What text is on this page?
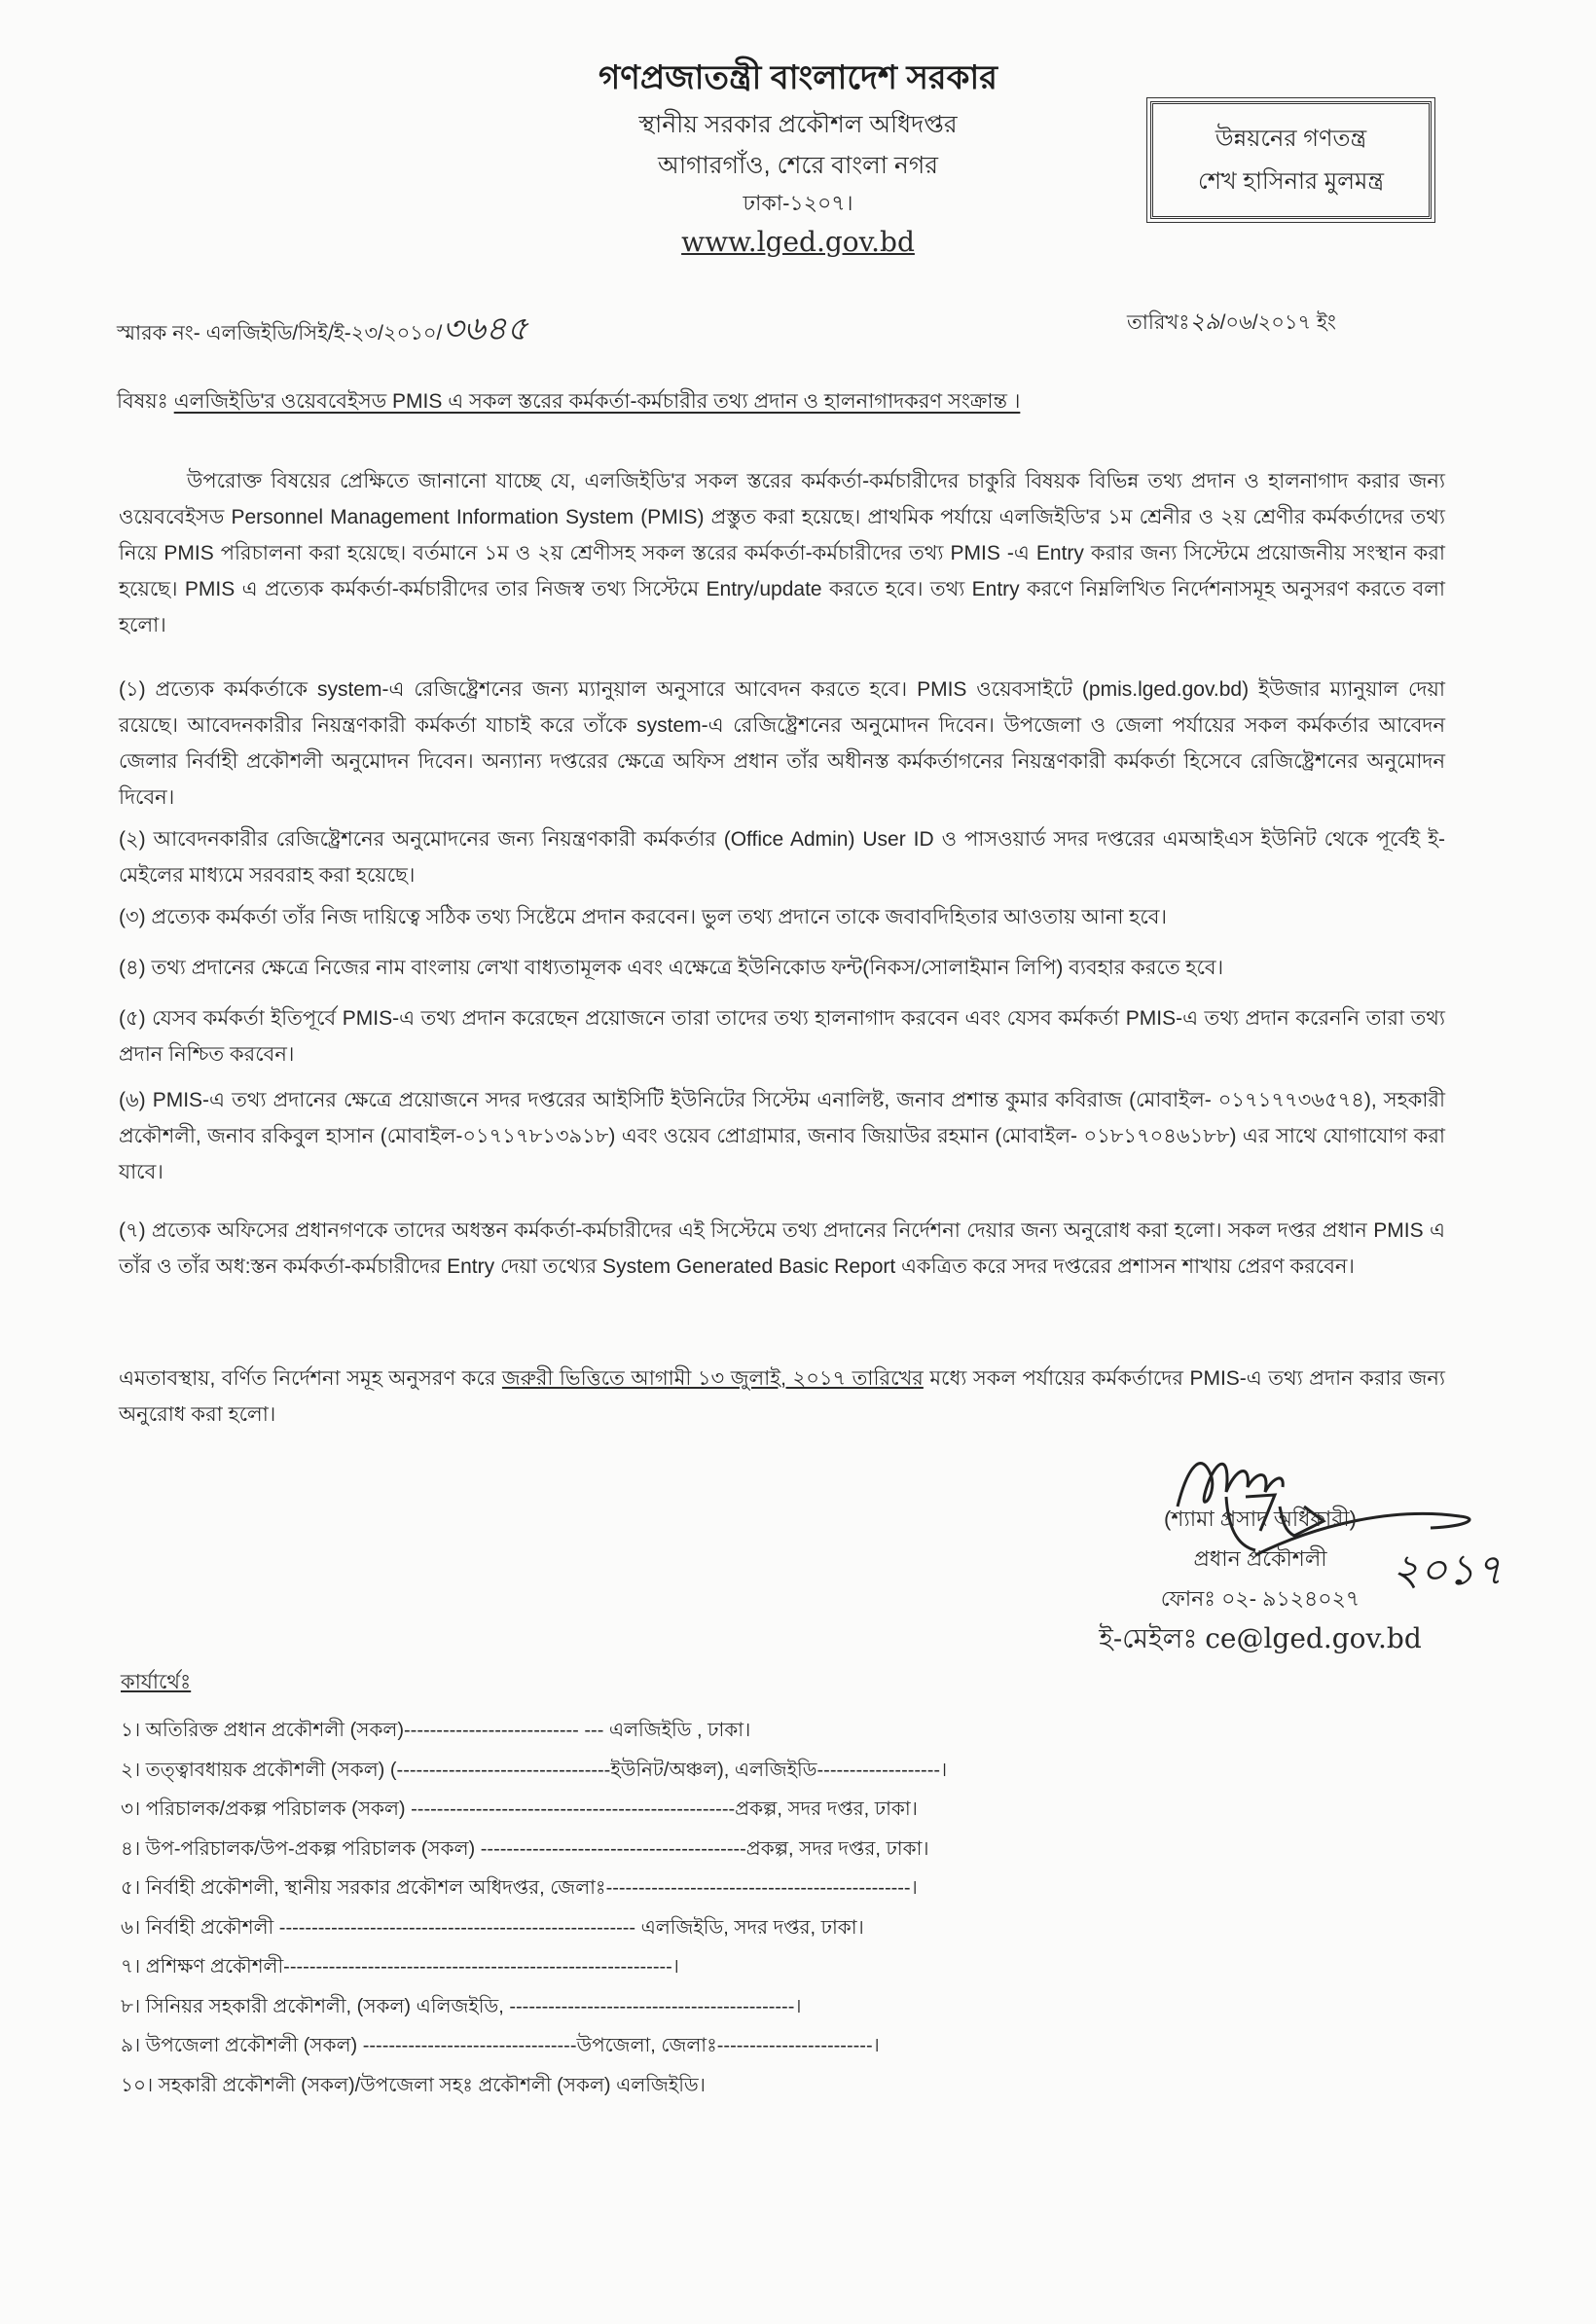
গণপ্রজাতন্ত্রী বাংলাদেশ সরকার
স্থানীয় সরকার প্রকৌশল অধিদপ্তর
আগারগাঁও, শেরে বাংলা নগর
ঢাকা-১২০৭।
www.lged.gov.bd
উন্নয়নের গণতন্ত্র
শেখ হাসিনার মুলমন্ত্র
স্মারক নং- এলজিইডি/সিই/ই-২৩/২০১০/৩৬৪৫	তারিখঃ২৯/০৬/২০১৭ ইং
বিষয়ঃ এলজিইডি'র ওয়েববেইসড PMIS এ সকল স্তরের কর্মকর্তা-কর্মচারীর তথ্য প্রদান ও হালনাগাদকরণ সংক্রান্ত ।
উপরোক্ত বিষয়ের প্রেক্ষিতে জানানো যাচ্ছে যে, এলজিইডি'র সকল স্তরের কর্মকর্তা-কর্মচারীদের চাকুরি বিষয়ক বিভিন্ন তথ্য প্রদান ও হালনাগাদ করার জন্য ওয়েববেইসড Personnel Management Information System (PMIS) প্রস্তুত করা হয়েছে। প্রাথমিক পর্যায়ে এলজিইডি'র ১ম শ্রেনীর ও ২য় শ্রেণীর কর্মকর্তাদের তথ্য নিয়ে PMIS পরিচালনা করা হয়েছে। বর্তমানে ১ম ও ২য় শ্রেণীসহ সকল স্তরের কর্মকর্তা-কর্মচারীদের তথ্য PMIS -এ Entry করার জন্য সিস্টেমে প্রয়োজনীয় সংস্থান করা হয়েছে। PMIS এ প্রত্যেক কর্মকর্তা-কর্মচারীদের তার নিজস্ব তথ্য সিস্টেমে Entry/update করতে হবে। তথ্য Entry করণে নিম্নলিখিত নির্দেশনাসমূহ অনুসরণ করতে বলা হলো।
(১) প্রত্যেক কর্মকর্তাকে system-এ রেজিষ্ট্রেশনের জন্য ম্যানুয়াল অনুসারে আবেদন করতে হবে। PMIS ওয়েবসাইটে (pmis.lged.gov.bd) ইউজার ম্যানুয়াল দেয়া রয়েছে। আবেদনকারীর নিয়ন্ত্রণকারী কর্মকর্তা যাচাই করে তাঁকে system-এ রেজিষ্ট্রেশনের অনুমোদন দিবেন। উপজেলা ও জেলা পর্যায়ের সকল কর্মকর্তার আবেদন জেলার নির্বাহী প্রকৌশলী অনুমোদন দিবেন। অন্যান্য দপ্তরের ক্ষেত্রে অফিস প্রধান তাঁর অধীনস্ত কর্মকর্তাগনের নিয়ন্ত্রণকারী কর্মকর্তা হিসেবে রেজিষ্ট্রেশনের অনুমোদন দিবেন।
(২) আবেদনকারীর রেজিষ্ট্রেশনের অনুমোদনের জন্য নিয়ন্ত্রণকারী কর্মকর্তার (Office Admin) User ID ও পাসওয়ার্ড সদর দপ্তরের এমআইএস ইউনিট থেকে পূর্বেই ই-মেইলের মাধ্যমে সরবরাহ করা হয়েছে।
(৩) প্রত্যেক কর্মকর্তা তাঁর নিজ দায়িত্বে সঠিক তথ্য সিষ্টেমে প্রদান করবেন। ভুল তথ্য প্রদানে তাকে জবাবদিহিতার আওতায় আনা হবে।
(৪) তথ্য প্রদানের ক্ষেত্রে নিজের নাম বাংলায় লেখা বাধ্যতামূলক এবং এক্ষেত্রে ইউনিকোড ফন্ট(নিকস/সোলাইমান লিপি) ব্যবহার করতে হবে।
(৫) যেসব কর্মকর্তা ইতিপূর্বে PMIS-এ তথ্য প্রদান করেছেন প্রয়োজনে তারা তাদের তথ্য হালনাগাদ করবেন এবং যেসব কর্মকর্তা PMIS-এ তথ্য প্রদান করেননি তারা তথ্য প্রদান নিশ্চিত করবেন।
(৬) PMIS-এ তথ্য প্রদানের ক্ষেত্রে প্রয়োজনে সদর দপ্তরের আইসিটি ইউনিটের সিস্টেম এনালিষ্ট, জনাব প্রশান্ত কুমার কবিরাজ (মোবাইল- ০১৭১৭৭৩৬৫৭৪), সহকারী প্রকৌশলী, জনাব রকিবুল হাসান (মোবাইল-০১৭১৭৮১৩৯১৮) এবং ওয়েব প্রোগ্রামার, জনাব জিয়াউর রহমান (মোবাইল- ০১৮১৭০৪৬১৮৮) এর সাথে যোগাযোগ করা যাবে।
(৭) প্রত্যেক অফিসের প্রধানগণকে তাদের অধস্তন কর্মকর্তা-কর্মচারীদের এই সিস্টেমে তথ্য প্রদানের নির্দেশনা দেয়ার জন্য অনুরোধ করা হলো। সকল দপ্তর প্রধান PMIS এ তাঁর ও তাঁর অধ:স্তন কর্মকর্তা-কর্মচারীদের Entry দেয়া তথ্যের System Generated Basic Report একত্রিত করে সদর দপ্তরের প্রশাসন শাখায় প্রেরণ করবেন।
এমতাবস্থায়, বর্ণিত নির্দেশনা সমূহ অনুসরণ করে জরুরী ভিত্তিতে আগামী ১৩ জুলাই, ২০১৭ তারিখের মধ্যে সকল পর্যায়ের কর্মকর্তাদের PMIS-এ তথ্য প্রদান করার জন্য অনুরোধ করা হলো।
২০১৭
(শ্যামা প্রসাদ অধিকারী)
প্রধান প্রকৌশলী
ফোনঃ ০২- ৯১২৪০২৭
ই-মেইলঃ ce@lged.gov.bd
কার্যার্থেঃ
১। অতিরিক্ত প্রধান প্রকৌশলী (সকল)--------------------------- --- এলজিইডি , ঢাকা।
২। তত্ত্বাবধায়ক প্রকৌশলী (সকল) (---------------------------------ইউনিট/অঞ্চল), এলজিইডি-------------------।
৩। পরিচালক/প্রকল্প পরিচালক (সকল) --------------------------------------------------প্রকল্প, সদর দপ্তর, ঢাকা।
৪। উপ-পরিচালক/উপ-প্রকল্প পরিচালক (সকল) -----------------------------------------প্রকল্প, সদর দপ্তর, ঢাকা।
৫। নির্বাহী প্রকৌশলী, স্থানীয় সরকার প্রকৌশল অধিদপ্তর, জেলাঃ-----------------------------------------------।
৬। নির্বাহী প্রকৌশলী ------------------------------------------------------- এলজিইডি, সদর দপ্তর, ঢাকা।
৭। প্রশিক্ষণ প্রকৌশলী------------------------------------------------------------।
৮। সিনিয়র সহকারী প্রকৌশলী, (সকল) এলিজইডি, --------------------------------------------।
৯। উপজেলা প্রকৌশলী (সকল) ---------------------------------উপজেলা, জেলাঃ------------------------।
১০। সহকারী প্রকৌশলী (সকল)/উপজেলা সহঃ প্রকৌশলী (সকল) এলজিইডি।
